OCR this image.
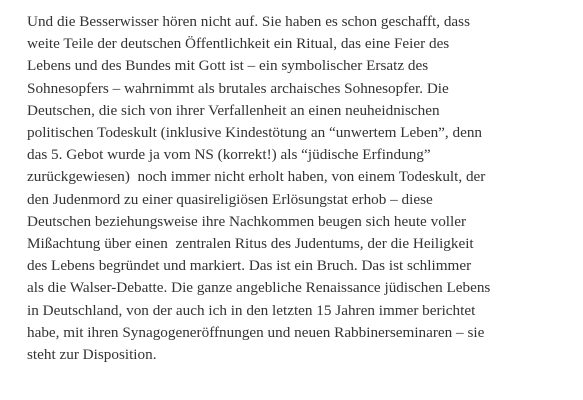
Und die Besserwisser hören nicht auf. Sie haben es schon geschafft, dass
weite Teile der deutschen Öffentlichkeit ein Ritual, das eine Feier des
Lebens und des Bundes mit Gott ist – ein symbolischer Ersatz des
Sohnesopfers – wahrnimmt als brutales archaisches Sohnesopfer. Die
Deutschen, die sich von ihrer Verfallenheit an einen neuheidnischen
politischen Todeskult (inklusive Kindestötung an “unwertem Leben”, denn
das 5. Gebot wurde ja vom NS (korrekt!) als “jüdische Erfindung”
zurückgewiesen)  noch immer nicht erholt haben, von einem Todeskult, der
den Judenmord zu einer quasireligiösen Erlösungstat erhob – diese
Deutschen beziehungsweise ihre Nachkommen beugen sich heute voller
Mißachtung über einen  zentralen Ritus des Judentums, der die Heiligkeit
des Lebens begründet und markiert. Das ist ein Bruch. Das ist schlimmer
als die Walser-Debatte. Die ganze angebliche Renaissance jüdischen Lebens
in Deutschland, von der auch ich in den letzten 15 Jahren immer berichtet
habe, mit ihren Synagogeneröffnungen und neuen Rabbinerseminaren – sie
steht zur Disposition.
